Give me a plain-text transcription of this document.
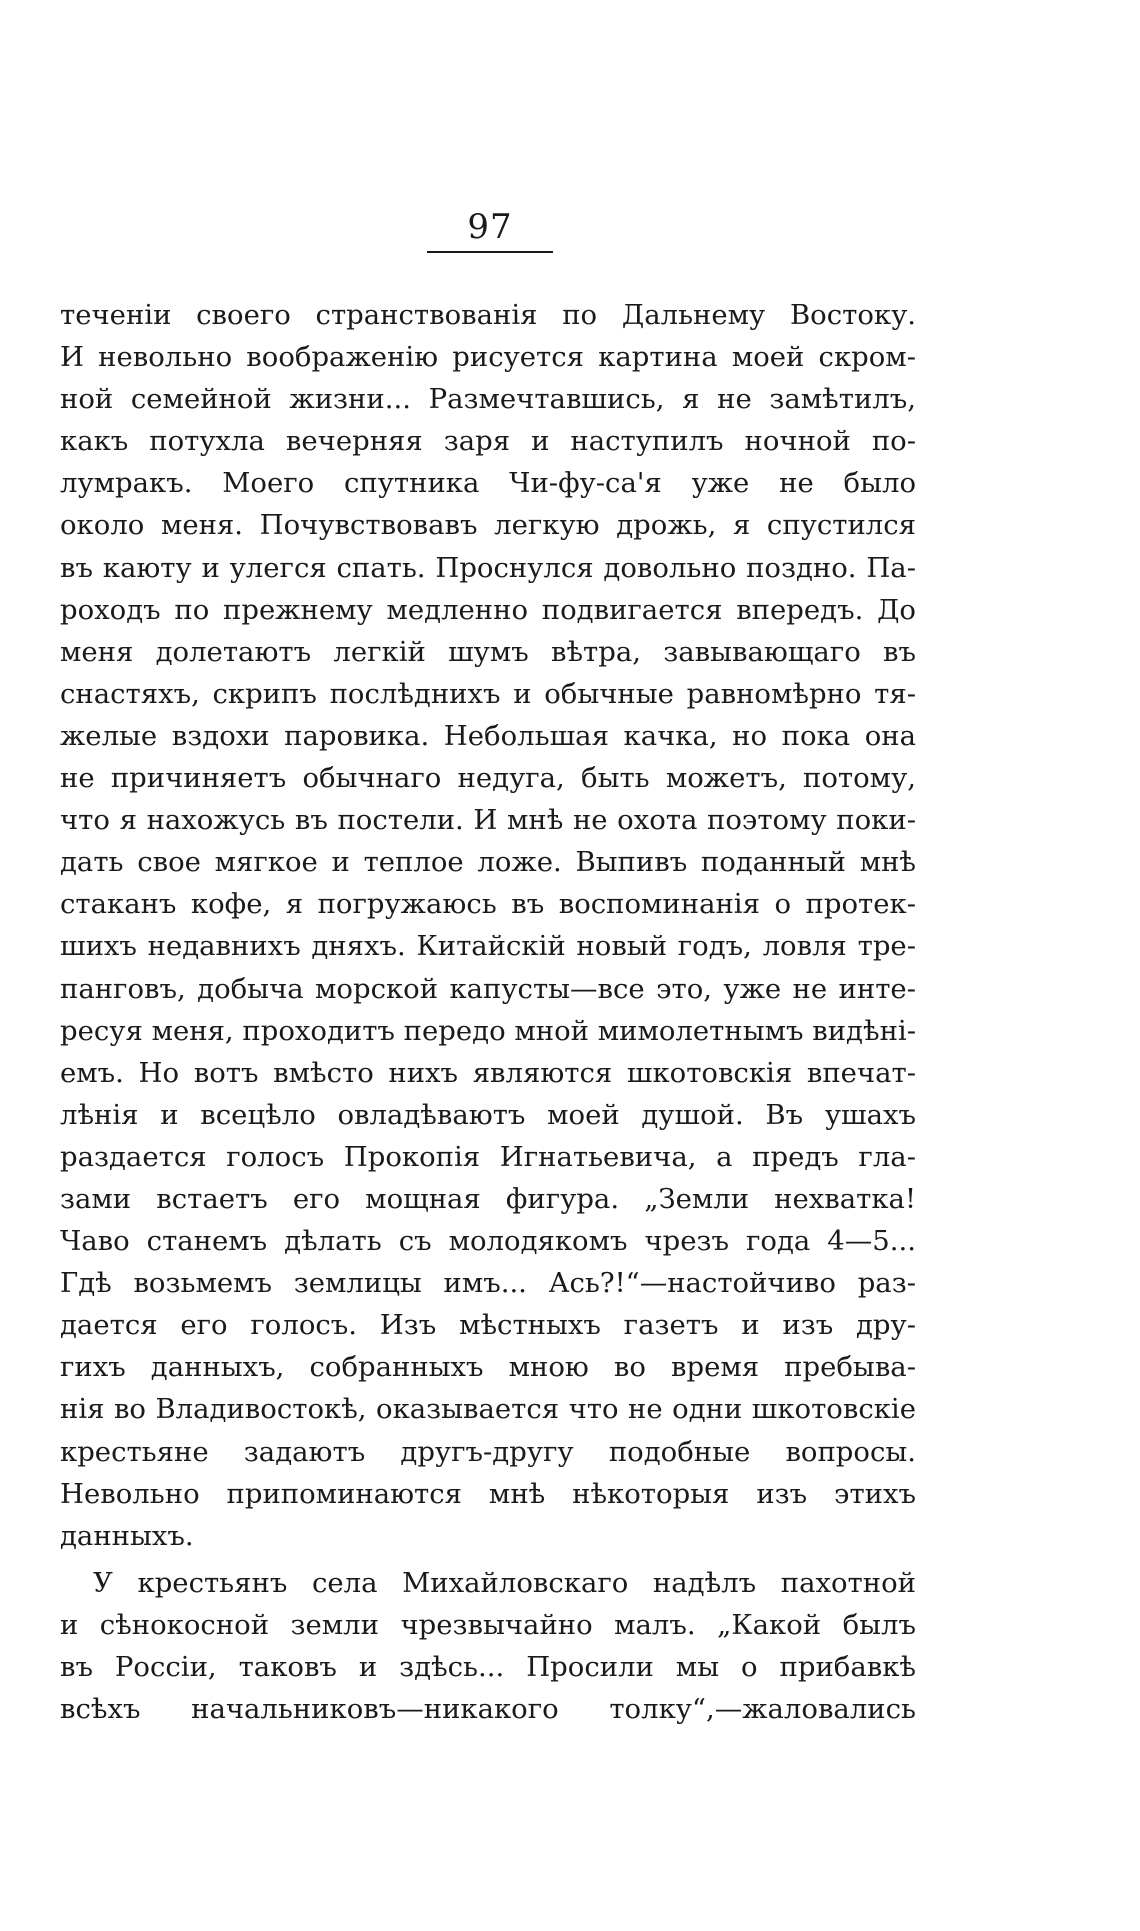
97
теченіи своего странствованія по Дальнему Востоку.
И невольно воображенію рисуется картина моей скром-
ной семейной жизни... Размечтавшись, я не замѣтилъ,
какъ потухла вечерняя заря и наступилъ ночной по-
лумракъ. Моего спутника Чи-фу-са'я уже не было
около меня. Почувствовавъ легкую дрожь, я спустился
въ каюту и улегся спать. Проснулся довольно поздно. Па-
роходъ по прежнему медленно подвигается впередъ. До
меня долетаютъ легкій шумъ вѣтра, завывающаго въ
снастяхъ, скрипъ послѣднихъ и обычные равномѣрно тя-
желые вздохи паровика. Небольшая качка, но пока она
не причиняетъ обычнаго недуга, быть можетъ, потому,
что я нахожусь въ постели. И мнѣ не охота поэтому поки-
дать свое мягкое и теплое ложе. Выпивъ поданный мнѣ
стаканъ кофе, я погружаюсь въ воспоминанія о протек-
шихъ недавнихъ дняхъ. Китайскій новый годъ, ловля тре-
панговъ, добыча морской капусты—все это, уже не инте-
ресуя меня, проходитъ передо мной мимолетнымъ видѣні-
емъ. Но вотъ вмѣсто нихъ являются шкотовскія впечат-
лѣнія и всецѣло овладѣваютъ моей душой. Въ ушахъ
раздается голосъ Прокопія Игнатьевича, а предъ гла-
зами встаетъ его мощная фигура. „Земли нехватка!
Чаво станемъ дѣлать съ молодякомъ чрезъ года 4—5...
Гдѣ возьмемъ землицы имъ... Ась?!“—настойчиво раз-
дается его голосъ. Изъ мѣстныхъ газетъ и изъ дру-
гихъ данныхъ, собранныхъ мною во время пребыва-
нія во Владивостокѣ, оказывается что не одни шкотовскіе
крестьяне задаютъ другъ-другу подобные вопросы.
Невольно припоминаются мнѣ нѣкоторыя изъ этихъ
данныхъ.
У крестьянъ села Михайловскаго надѣлъ пахотной
и сѣнокосной земли чрезвычайно малъ. „Какой былъ
въ Россіи, таковъ и здѣсь... Просили мы о прибавкѣ
всѣхъ начальниковъ—никакого толку“,—жаловались
